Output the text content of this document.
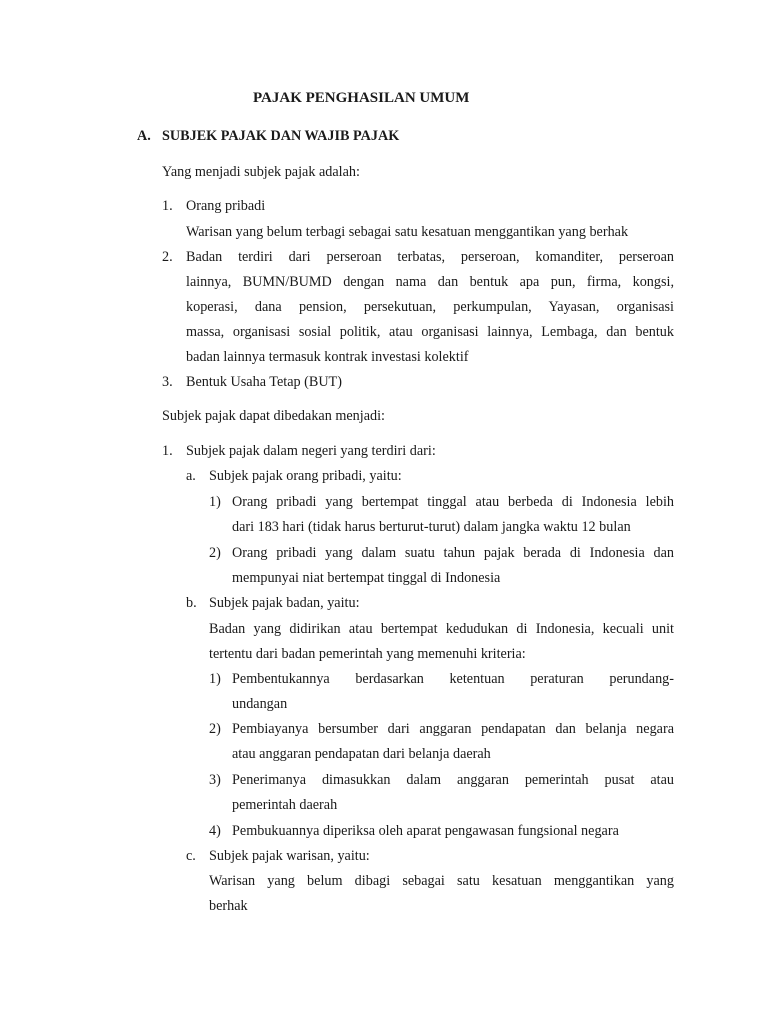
PAJAK PENGHASILAN UMUM
A. SUBJEK PAJAK DAN WAJIB PAJAK
Yang menjadi subjek pajak adalah:
1. Orang pribadi
Warisan yang belum terbagi sebagai satu kesatuan menggantikan yang berhak
2. Badan terdiri dari perseroan terbatas, perseroan, komanditer, perseroan
lainnya, BUMN/BUMD dengan nama dan bentuk apa pun, firma, kongsi,
koperasi, dana pension, persekutuan, perkumpulan, Yayasan, organisasi
massa, organisasi sosial politik, atau organisasi lainnya, Lembaga, dan bentuk
badan lainnya termasuk kontrak investasi kolektif
3. Bentuk Usaha Tetap (BUT)
Subjek pajak dapat dibedakan menjadi:
1. Subjek pajak dalam negeri yang terdiri dari:
a. Subjek pajak orang pribadi, yaitu:
1) Orang pribadi yang bertempat tinggal atau berbeda di Indonesia lebih
dari 183 hari (tidak harus berturut-turut) dalam jangka waktu 12 bulan
2) Orang pribadi yang dalam suatu tahun pajak berada di Indonesia dan
mempunyai niat bertempat tinggal di Indonesia
b. Subjek pajak badan, yaitu:
Badan yang didirikan atau bertempat kedudukan di Indonesia, kecuali unit
tertentu dari badan pemerintah yang memenuhi kriteria:
1) Pembentukannya berdasarkan ketentuan peraturan perundang-
undangan
2) Pembiayanya bersumber dari anggaran pendapatan dan belanja negara
atau anggaran pendapatan dari belanja daerah
3) Penerimanya dimasukkan dalam anggaran pemerintah pusat atau
pemerintah daerah
4) Pembukuannya diperiksa oleh aparat pengawasan fungsional negara
c. Subjek pajak warisan, yaitu:
Warisan yang belum dibagi sebagai satu kesatuan menggantikan yang
berhak
